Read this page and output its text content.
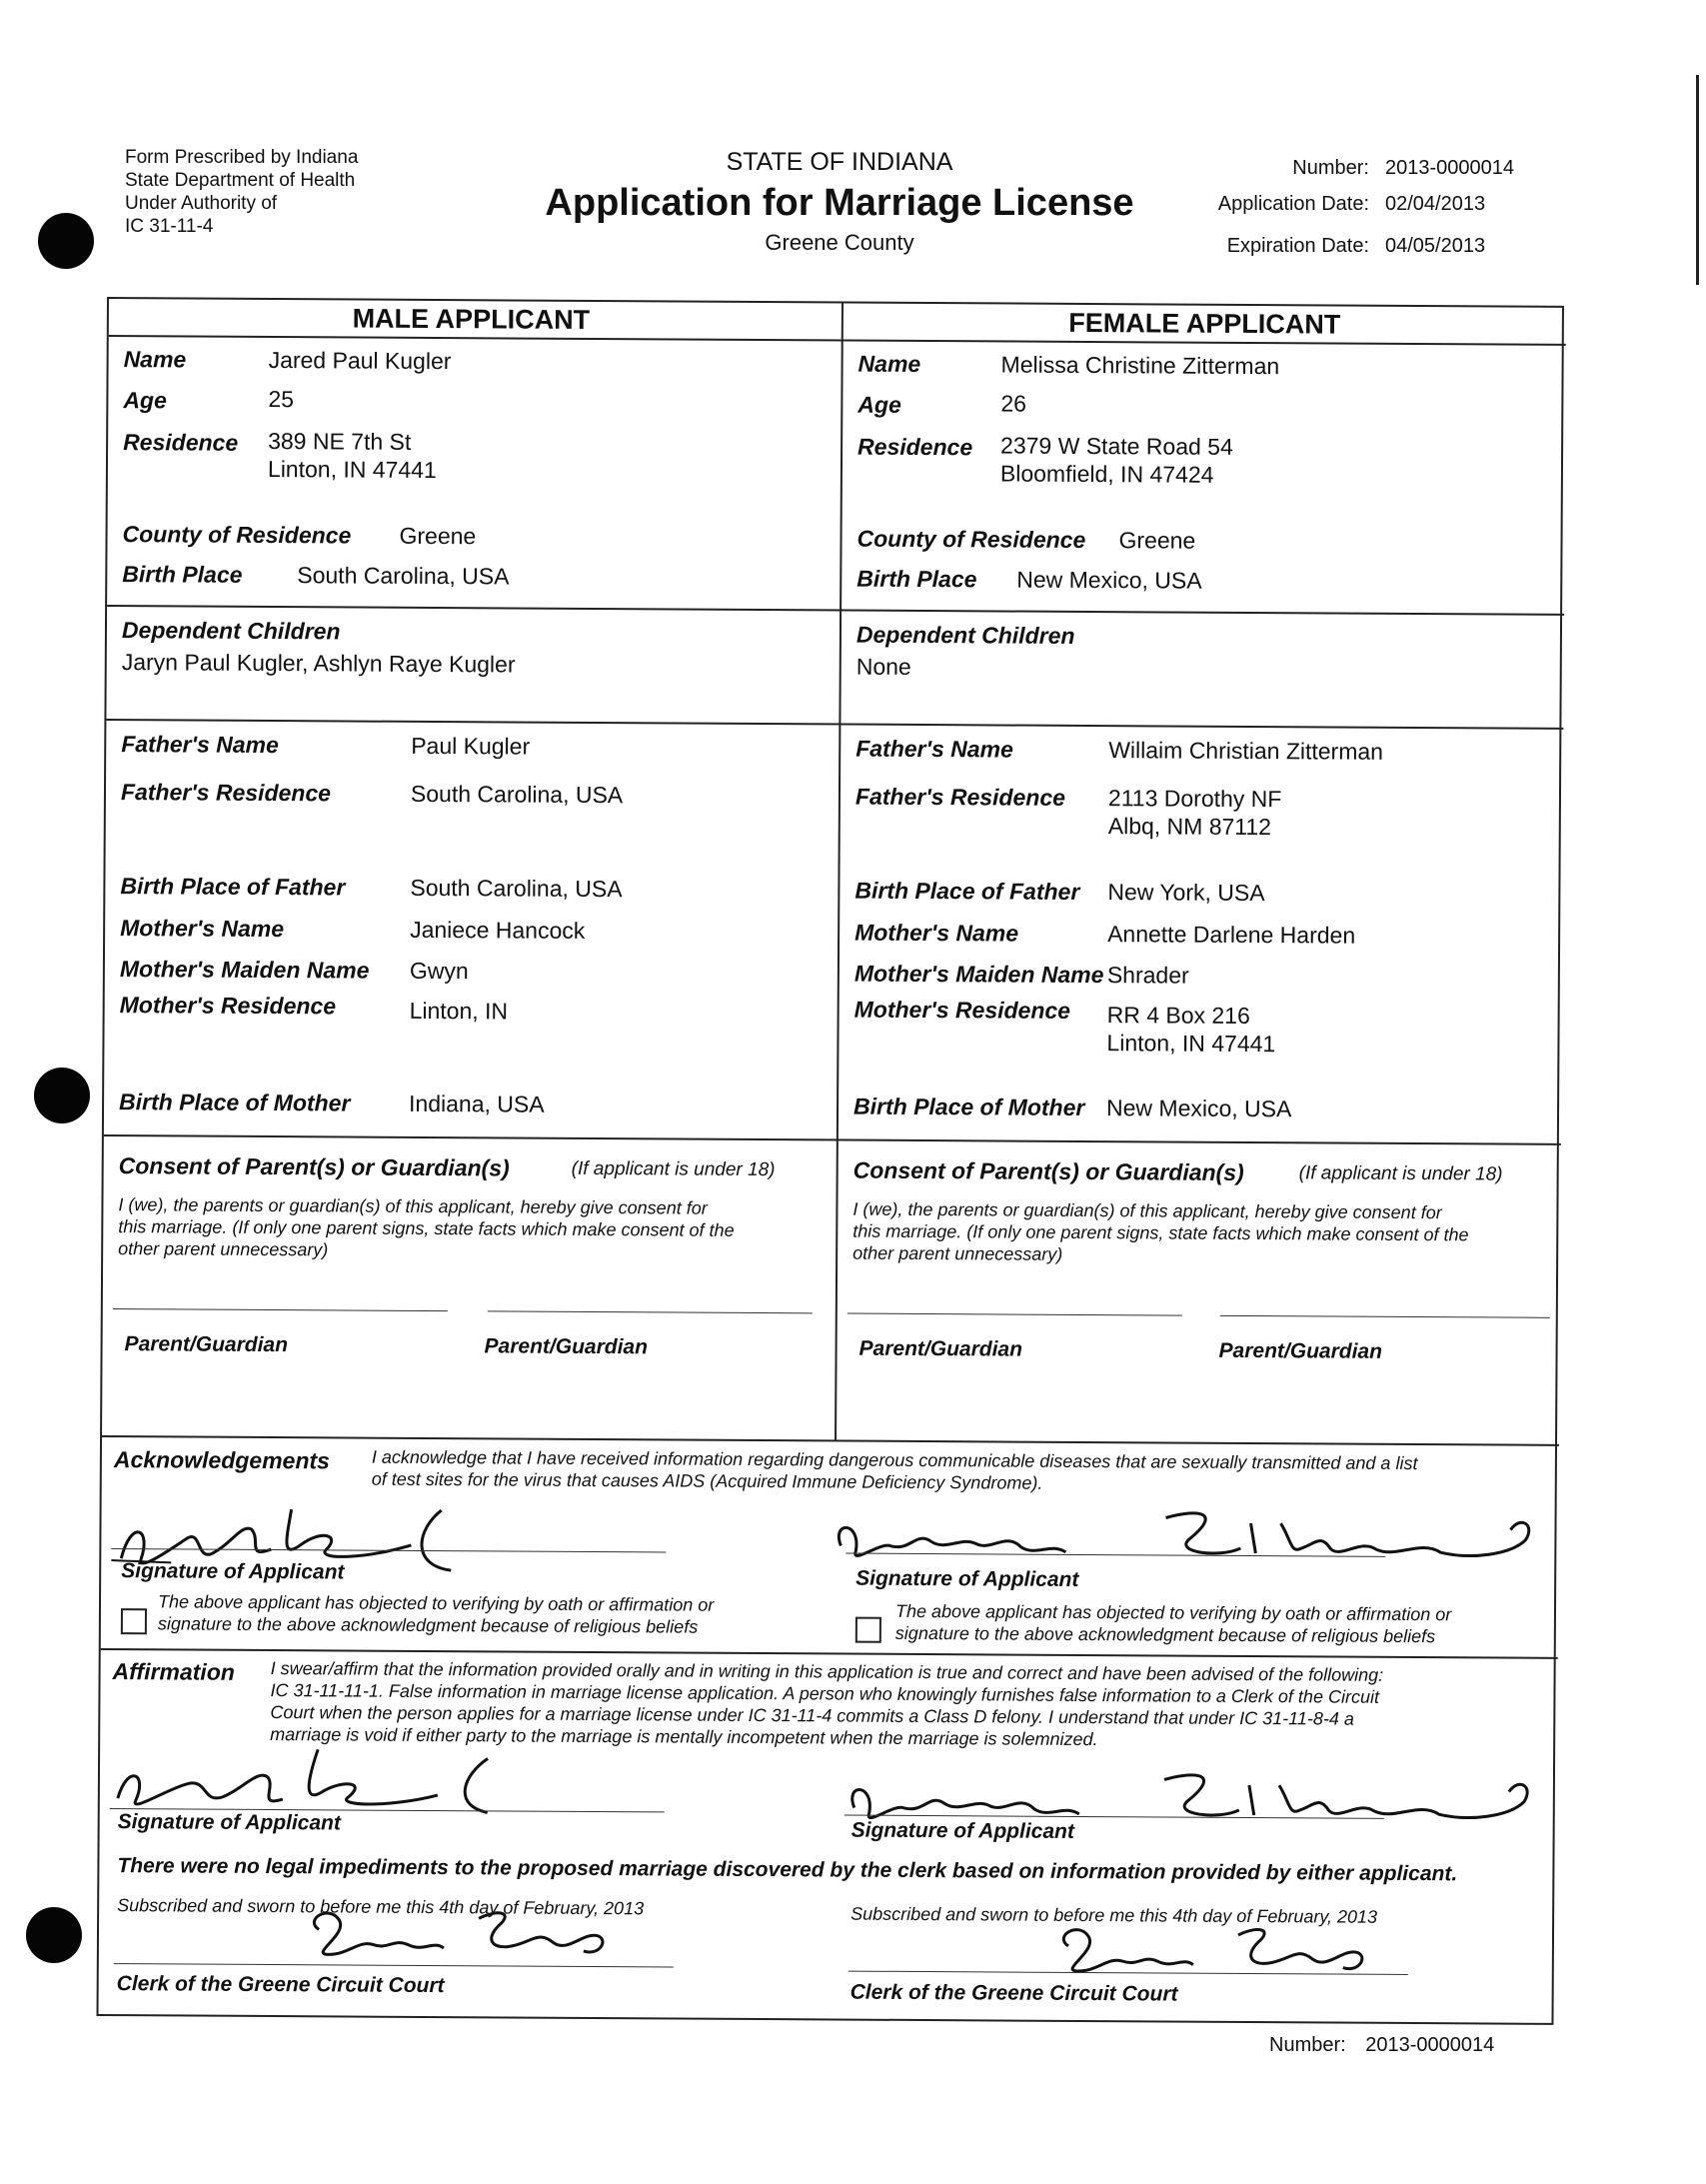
Form Prescribed by Indiana
State Department of Health
Under Authority of
IC 31-11-4
STATE OF INDIANA
Application for Marriage License
Greene County
Number: 2013-0000014
Application Date: 02/04/2013
Expiration Date: 04/05/2013
MALE APPLICANT	FEMALE APPLICANT
Name	Jared Paul Kugler
Age	25
Residence 389 NE 7th St
Linton, IN 47441
County of Residence Greene
Birth Place South Carolina, USA
Dependent Children
Jaryn Paul Kugler, Ashlyn Raye Kugler
Father's Name	Paul Kugler
Father's Residence	South Carolina, USA
Birth Place of Father	South Carolina, USA
Mother's Name	Janiece Hancock
Mother's Maiden Name Gwyn
Mother's Residence	Linton, IN
Birth Place of Mother	Indiana, USA
Name	Melissa Christine Zitterman
Age	26
Residence 2379 W State Road 54
Bloomfield, IN 47424
County of Residence Greene
Birth Place New Mexico, USA
Dependent Children
None
Father's Name	Willaim Christian Zitterman
Father's Residence 2113 Dorothy NF
Albq, NM 87112
Birth Place of Father New York, USA
Mother's Name	Annette Darlene Harden
Mother's Maiden Name Shrader
Mother's Residence RR 4 Box 216
Linton, IN 47441
Birth Place of Mother New Mexico, USA
Consent of Parent(s) or Guardian(s)	(If applicant is under 18)
I (we), the parents or guardian(s) of this applicant, hereby give consent for
this marriage. (If only one parent signs, state facts which make consent of the
other parent unnecessary)
Parent/Guardian	Parent/Guardian
Consent of Parent(s) or Guardian(s)	(If applicant is under 18)
I (we), the parents or guardian(s) of this applicant, hereby give consent for
this marriage. (If only one parent signs, state facts which make consent of the
other parent unnecessary)
Parent/Guardian	Parent/Guardian
Acknowledgements I acknowledge that I have received information regarding dangerous communicable diseases that are sexually transmitted and a list
of test sites for the virus that causes AIDS (Acquired Immune Deficiency Syndrome).
Signature of Applicant
The above applicant has objected to verifying by oath or affirmation or
signature to the above acknowledgment because of religious beliefs
Signature of Applicant
The above applicant has objected to verifying by oath or affirmation or
signature to the above acknowledgment because of religious beliefs
Affirmation I swear/affirm that the information provided orally and in writing in this application is true and correct and have been advised of the following:
IC 31-11-11-1. False information in marriage license application. A person who knowingly furnishes false information to a Clerk of the Circuit
Court when the person applies for a marriage license under IC 31-11-4 commits a Class D felony. I understand that under IC 31-11-8-4 a
marriage is void if either party to the marriage is mentally incompetent when the marriage is solemnized.
Signature of Applicant	Signature of Applicant
There were no legal impediments to the proposed marriage discovered by the clerk based on information provided by either applicant.
Subscribed and sworn to before me this 4th day of February, 2013
Clerk of the Greene Circuit Court
Subscribed and sworn to before me this 4th day of February, 2013
Clerk of the Greene Circuit Court
Number: 2013-0000014
